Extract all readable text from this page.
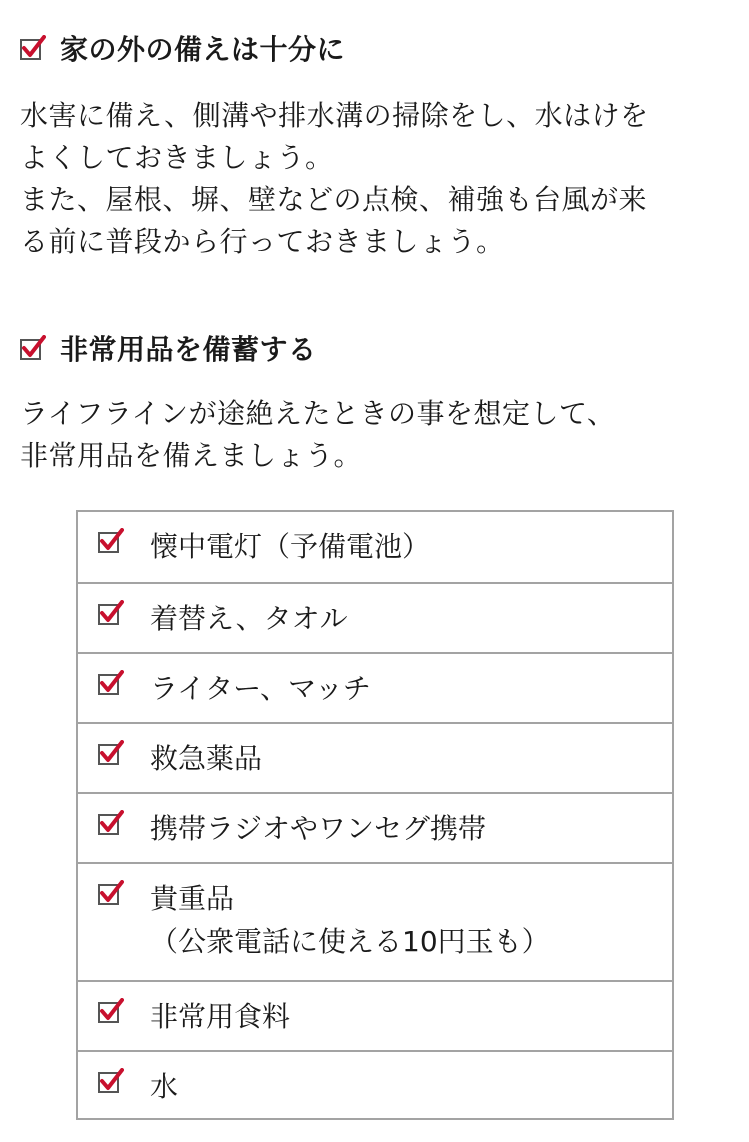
家の外の備えは十分に
水害に備え、側溝や排水溝の掃除をし、水はけを
よくしておきましょう。
また、屋根、塀、壁などの点検、補強も台風が来
る前に普段から行っておきましょう。
非常用品を備蓄する
ライフラインが途絶えたときの事を想定して、
非常用品を備えましょう。
懐中電灯（予備電池）
着替え、タオル
ライター、マッチ
救急薬品
携帯ラジオやワンセグ携帯
貴重品
（公衆電話に使える10円玉も）
非常用食料
水
